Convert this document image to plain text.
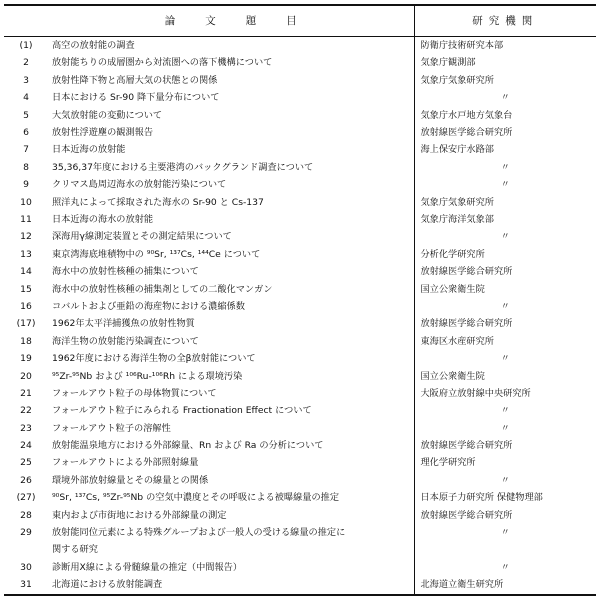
	論文題目	研究機関
(1)	高空の放射能の調査	防衛庁技術研究本部
2	放射能ちりの成層圏から対流圏への落下機構について	気象庁観測部
3	放射性降下物と高層大気の状態との関係	気象庁気象研究所
4	日本における Sr-90 降下量分布について	〃
5	大気放射能の変動について	気象庁水戸地方気象台
6	放射性浮遊塵の観測報告	放射線医学総合研究所
7	日本近海の放射能	海上保安庁水路部
8	35,36,37年度における主要港湾のバックグランド調査について	〃
9	クリマス島周辺海水の放射能汚染について	〃
10	照洋丸によって採取された海水の Sr-90 と Cs-137	気象庁気象研究所
11	日本近海の海水の放射能	気象庁海洋気象部
12	深海用γ線測定装置とその測定結果について	〃
13	東京湾海底堆積物中の ⁹⁰Sr, ¹³⁷Cs, ¹⁴⁴Ce について	分析化学研究所
14	海水中の放射性核種の捕集について	放射線医学総合研究所
15	海水中の放射性核種の捕集剤としての二酸化マンガン	国立公衆衛生院
16	コバルトおよび亜鉛の海産物における濃縮係数	〃
(17)	1962年太平洋捕獲魚の放射性物質	放射線医学総合研究所
18	海洋生物の放射能汚染調査について	東海区水産研究所
19	1962年度における海洋生物の全β放射能について	〃
20	⁹⁵Zr-⁹⁵Nb および ¹⁰⁶Ru-¹⁰⁶Rh による環境汚染	国立公衆衛生院
21	フォールアウト粒子の母体物質について	大阪府立放射線中央研究所
22	フォールアウト粒子にみられる Fractionation Effect について	〃
23	フォールアウト粒子の溶解性	〃
24	放射能温泉地方における外部線量、Rn および Ra の分析について	放射線医学総合研究所
25	フォールアウトによる外部照射線量	理化学研究所
26	環境外部放射線量とその線量との関係	〃
(27)	⁹⁰Sr, ¹³⁷Cs, ⁹⁵Zr-⁹⁵Nb の空気中濃度とその呼吸による被曝線量の推定	日本原子力研究所 保健物理部
28	東内および市街地における外部線量の測定	放射線医学総合研究所
29	放射能同位元素による特殊グループおよび一般人の受ける線量の推定に	〃
	関する研究	
30	診断用X線による骨髄線量の推定（中間報告）	〃
31	北海道における放射能調査	北海道立衛生研究所
